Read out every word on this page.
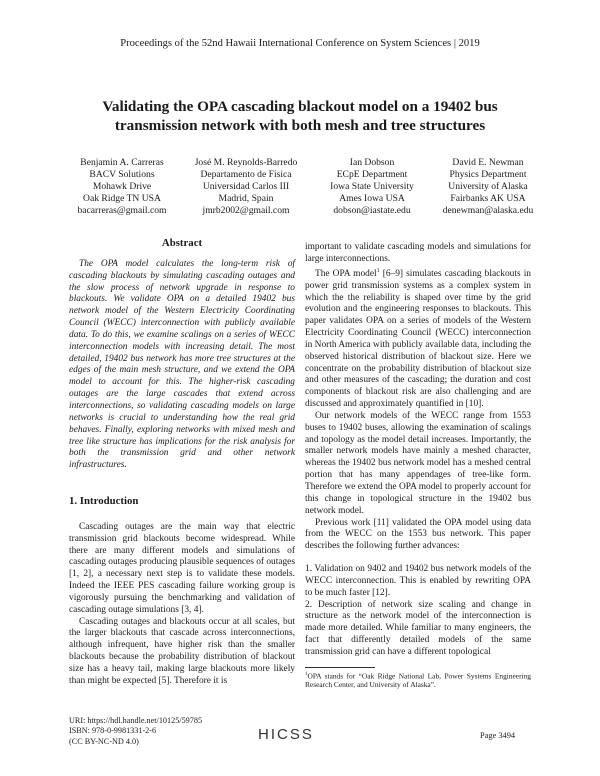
Proceedings of the 52nd Hawaii International Conference on System Sciences | 2019
Validating the OPA cascading blackout model on a 19402 bus transmission network with both mesh and tree structures
Benjamin A. Carreras
BACV Solutions
Mohawk Drive
Oak Ridge TN USA
bacarreras@gmail.com
José M. Reynolds-Barredo
Departamento de Física
Universidad Carlos III
Madrid, Spain
jmrb2002@gmail.com
Ian Dobson
ECpE Department
Iowa State University
Ames Iowa USA
dobson@iastate.edu
David E. Newman
Physics Department
University of Alaska
Fairbanks AK USA
denewman@alaska.edu
Abstract

The OPA model calculates the long-term risk of cascading blackouts by simulating cascading outages and the slow process of network upgrade in response to blackouts. We validate OPA on a detailed 19402 bus network model of the Western Electricity Coordinating Council (WECC) interconnection with publicly available data. To do this, we examine scalings on a series of WECC interconnection models with increasing detail. The most detailed, 19402 bus network has more tree structures at the edges of the main mesh structure, and we extend the OPA model to account for this. The higher-risk cascading outages are the large cascades that extend across interconnections, so validating cascading models on large networks is crucial to understanding how the real grid behaves. Finally, exploring networks with mixed mesh and tree like structure has implications for the risk analysis for both the transmission grid and other network infrastructures.

1. Introduction

Cascading outages are the main way that electric transmission grid blackouts become widespread. While there are many different models and simulations of cascading outages producing plausible sequences of outages [1, 2], a necessary next step is to validate these models. Indeed the IEEE PES cascading failure working group is vigorously pursuing the benchmarking and validation of cascading outage simulations [3, 4].

Cascading outages and blackouts occur at all scales, but the larger blackouts that cascade across interconnections, although infrequent, have higher risk than the smaller blackouts because the probability distribution of blackout size has a heavy tail, making large blackouts more likely than might be expected [5]. Therefore it is

important to validate cascading models and simulations for large interconnections.

The OPA model$^1$ [6–9] simulates cascading blackouts in power grid transmission systems as a complex system in which the the reliability is shaped over time by the grid evolution and the engineering responses to blackouts. This paper validates OPA on a series of models of the Western Electricity Coordinating Council (WECC) interconnection in North America with publicly available data, including the observed historical distribution of blackout size. Here we concentrate on the probability distribution of blackout size and other measures of the cascading; the duration and cost components of blackout risk are also challenging and are discussed and approximately quantified in [10].

Our network models of the WECC range from 1553 buses to 19402 buses, allowing the examination of scalings and topology as the model detail increases. Importantly, the smaller network models have mainly a meshed character, whereas the 19402 bus network model has a meshed central portion that has many appendages of tree-like form. Therefore we extend the OPA model to properly account for this change in topological structure in the 19402 bus network model.

Previous work [11] validated the OPA model using data from the WECC on the 1553 bus network. This paper describes the following further advances:

1. Validation on 9402 and 19402 bus network models of the WECC interconnection. This is enabled by rewriting OPA to be much faster [12].

2. Description of network size scaling and change in structure as the network model of the interconnection is made more detailed. While familiar to many engineers, the fact that differently detailed models of the same transmission grid can have a different topological

$^1$OPA stands for “Oak Ridge National Lab, Power Systems Engineering Research Center, and University of Alaska”.
URI: https://hdl.handle.net/10125/59785
ISBN: 978-0-9981331-2-6
(CC BY-NC-ND 4.0)	HICSS	Page 3494
